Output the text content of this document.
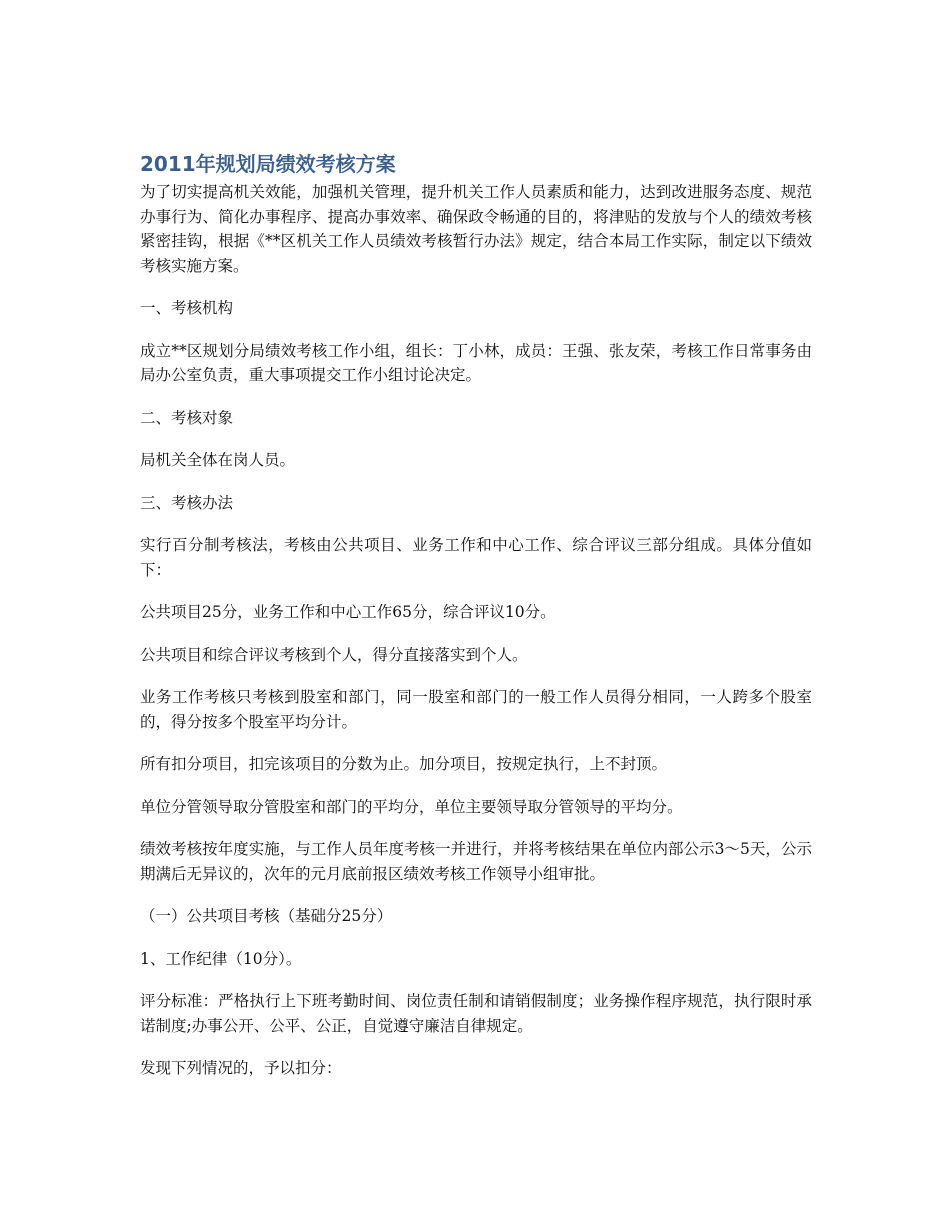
2011年规划局绩效考核方案

为了切实提高机关效能，加强机关管理，提升机关工作人员素质和能力，达到改进服务态度、规范办事行为、简化办事程序、提高办事效率、确保政令畅通的目的，将津贴的发放与个人的绩效考核紧密挂钩，根据《**区机关工作人员绩效考核暂行办法》规定，结合本局工作实际，制定以下绩效考核实施方案。

一、考核机构

成立**区规划分局绩效考核工作小组，组长：丁小林，成员：王强、张友荣，考核工作日常事务由局办公室负责，重大事项提交工作小组讨论决定。

二、考核对象

局机关全体在岗人员。

三、考核办法

实行百分制考核法，考核由公共项目、业务工作和中心工作、综合评议三部分组成。具体分值如下：

公共项目25分，业务工作和中心工作65分，综合评议10分。

公共项目和综合评议考核到个人，得分直接落实到个人。

业务工作考核只考核到股室和部门，同一股室和部门的一般工作人员得分相同，一人跨多个股室的，得分按多个股室平均分计。

所有扣分项目，扣完该项目的分数为止。加分项目，按规定执行，上不封顶。

单位分管领导取分管股室和部门的平均分，单位主要领导取分管领导的平均分。

绩效考核按年度实施，与工作人员年度考核一并进行，并将考核结果在单位内部公示3～5天，公示期满后无异议的，次年的元月底前报区绩效考核工作领导小组审批。

（一）公共项目考核（基础分25分）

1、工作纪律（10分）。

评分标准：严格执行上下班考勤时间、岗位责任制和请销假制度；业务操作程序规范，执行限时承诺制度;办事公开、公平、公正，自觉遵守廉洁自律规定。

发现下列情况的，予以扣分：
